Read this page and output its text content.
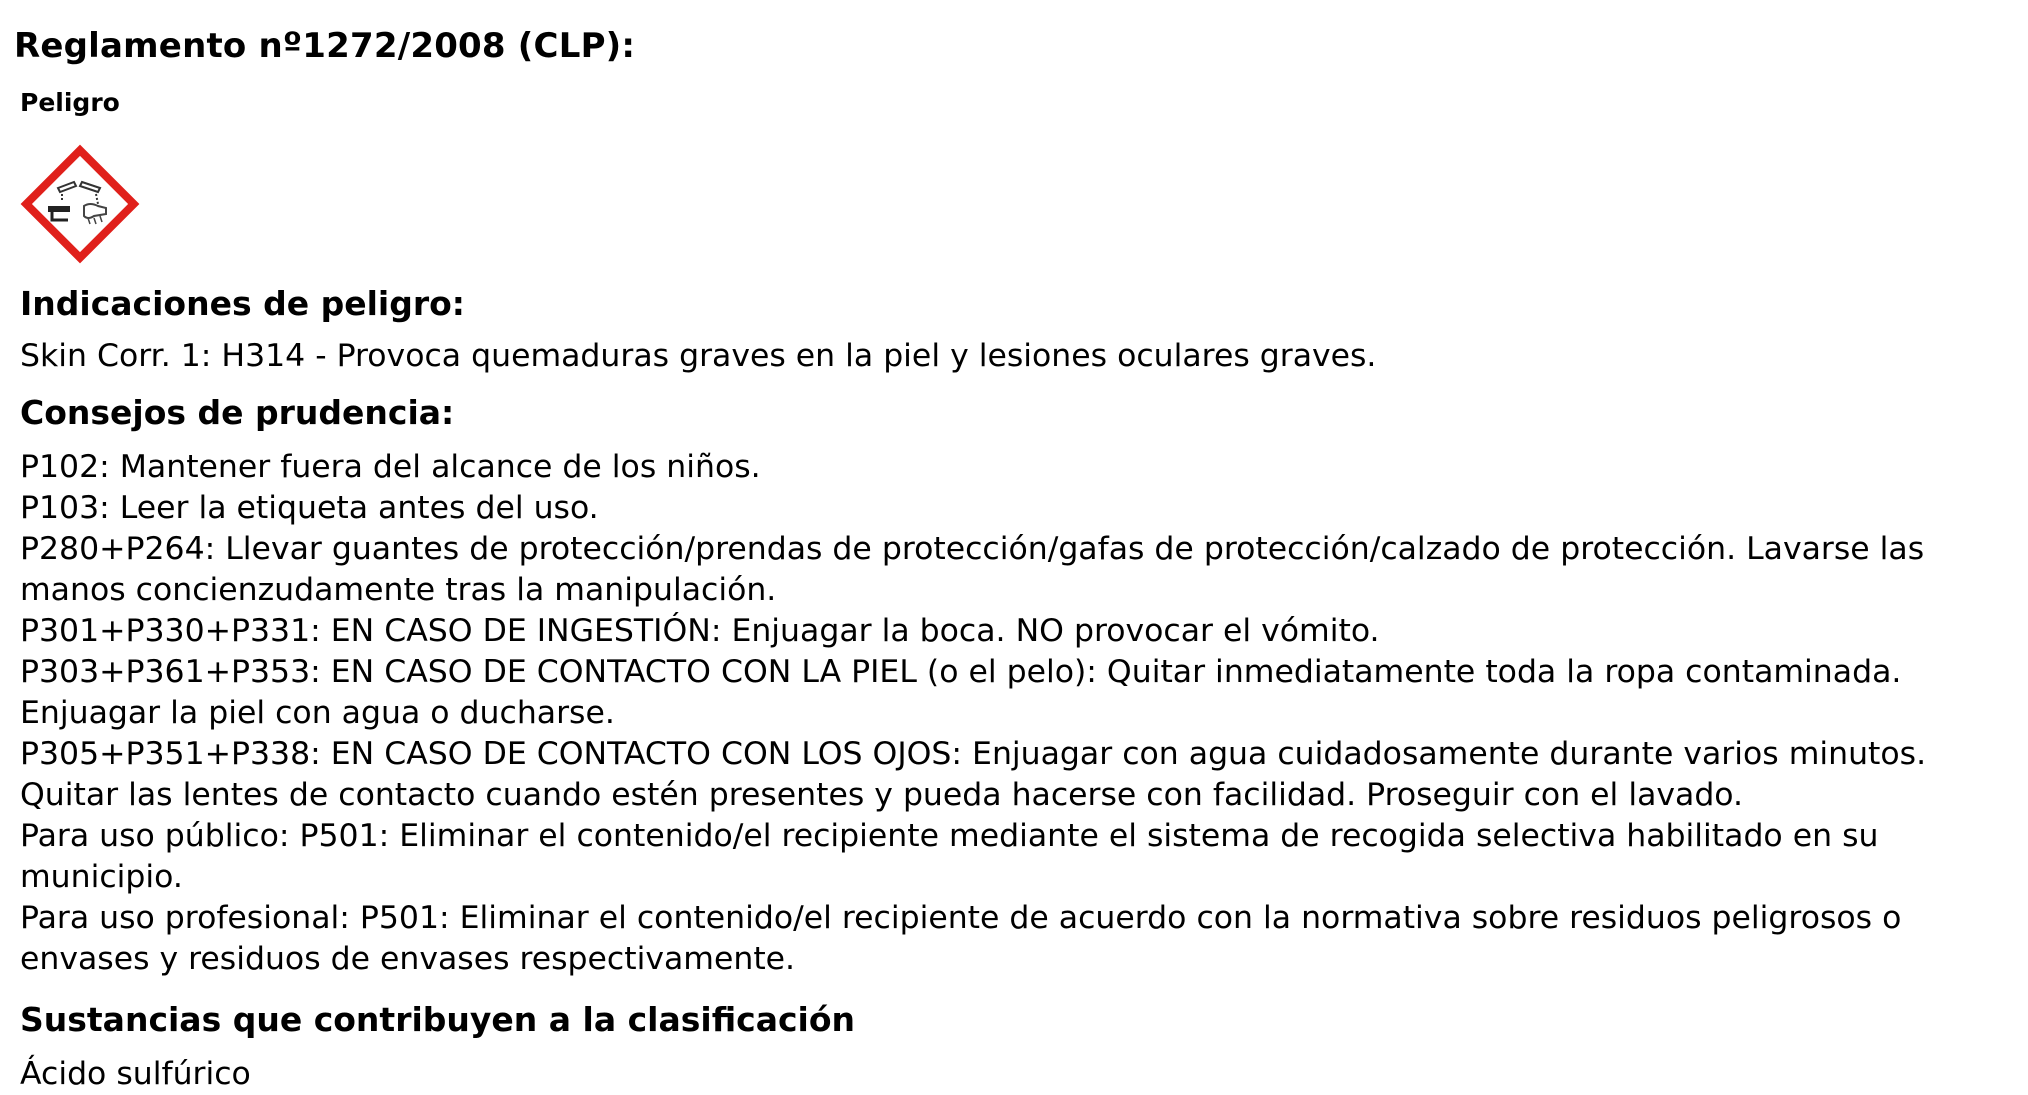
Reglamento nº1272/2008 (CLP):
Peligro

Indicaciones de peligro:

Skin Corr. 1: H314 - Provoca quemaduras graves en la piel y lesiones oculares graves.

Consejos de prudencia:

P102: Mantener fuera del alcance de los niños.

P103: Leer la etiqueta antes del uso.

P280+P264: Llevar guantes de protección/prendas de protección/gafas de protección/calzado de protección. Lavarse las manos concienzudamente tras la manipulación.

P301+P330+P331: EN CASO DE INGESTIÓN: Enjuagar la boca. NO provocar el vómito.

P303+P361+P353: EN CASO DE CONTACTO CON LA PIEL (o el pelo): Quitar inmediatamente toda la ropa contaminada. Enjuagar la piel con agua o ducharse.

P305+P351+P338: EN CASO DE CONTACTO CON LOS OJOS: Enjuagar con agua cuidadosamente durante varios minutos. Quitar las lentes de contacto cuando estén presentes y pueda hacerse con facilidad. Proseguir con el lavado.

Para uso público: P501: Eliminar el contenido/el recipiente mediante el sistema de recogida selectiva habilitado en su municipio.

Para uso profesional: P501: Eliminar el contenido/el recipiente de acuerdo con la normativa sobre residuos peligrosos o envases y residuos de envases respectivamente.

Sustancias que contribuyen a la clasificación

Ácido sulfúrico
